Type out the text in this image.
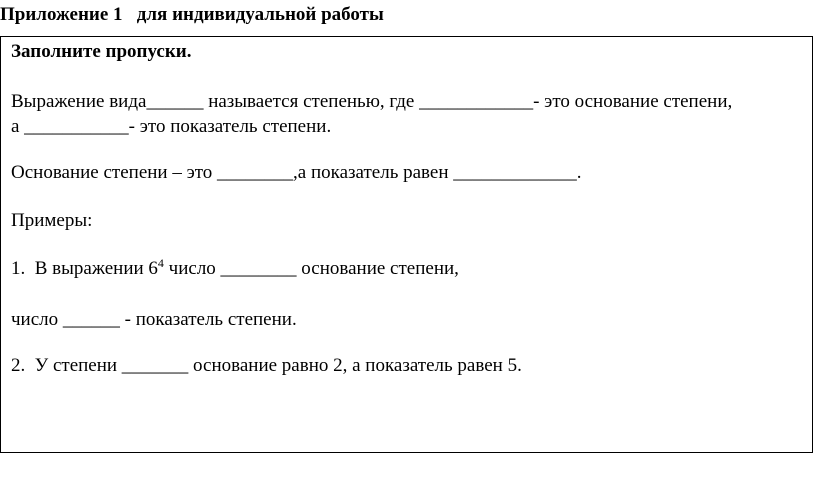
Приложение 1   для индивидуальной работы
Заполните пропуски.
Выражение вида______ называется степенью, где ____________- это основание степени,
а ___________- это показатель степени.
Основание степени – это ________,а показатель равен _____________.
Примеры:
1.  В выражении $6^4$ число ________ основание степени,
число ______ - показатель степени.
2.  У степени _______ основание равно 2, а показатель равен 5.
